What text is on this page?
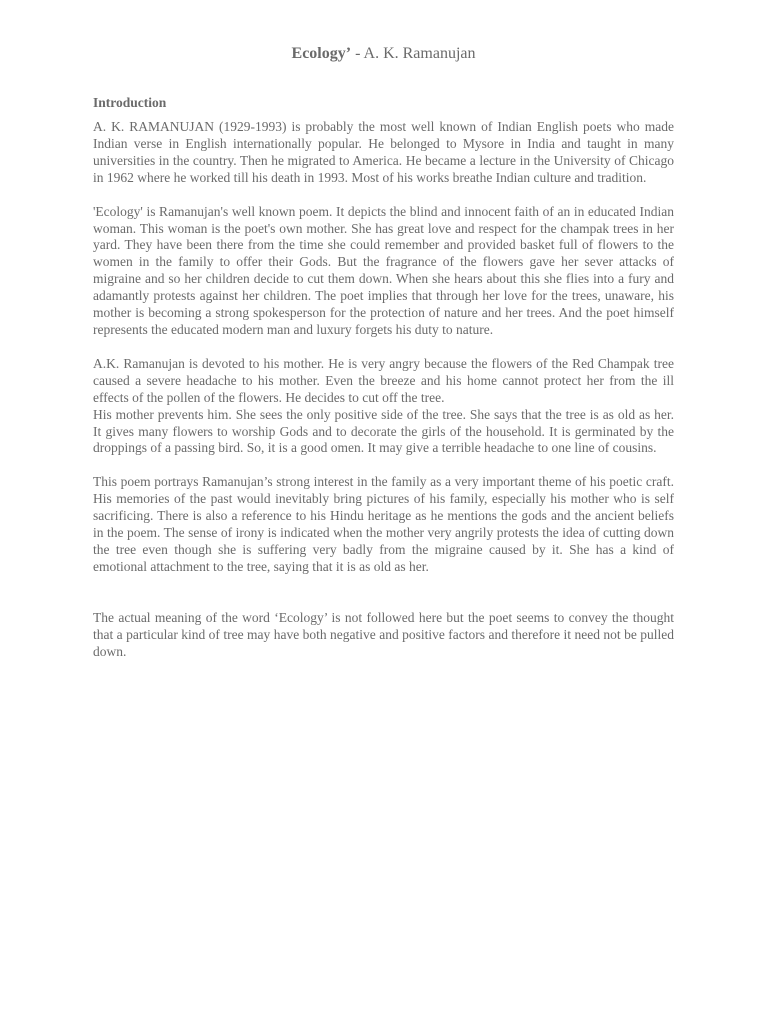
Ecology’ - A. K. Ramanujan
Introduction

A. K. RAMANUJAN (1929-1993) is probably the most well known of Indian English poets who made Indian verse in English internationally popular. He belonged to Mysore in India and taught in many universities in the country. Then he migrated to America. He became a lecture in the University of Chicago in 1962 where he worked till his death in 1993. Most of his works breathe Indian culture and tradition.

'Ecology' is Ramanujan's well known poem. It depicts the blind and innocent faith of an in educated Indian woman. This woman is the poet's own mother. She has great love and respect for the champak trees in her yard. They have been there from the time she could remember and provided basket full of flowers to the women in the family to offer their Gods. But the fragrance of the flowers gave her sever attacks of migraine and so her children decide to cut them down. When she hears about this she flies into a fury and adamantly protests against her children. The poet implies that through her love for the trees, unaware, his mother is becoming a strong spokesperson for the protection of nature and her trees. And the poet himself represents the educated modern man and luxury forgets his duty to nature.

A.K. Ramanujan is devoted to his mother. He is very angry because the flowers of the Red Champak tree caused a severe headache to his mother. Even the breeze and his home cannot protect her from the ill effects of the pollen of the flowers. He decides to cut off the tree.

His mother prevents him. She sees the only positive side of the tree. She says that the tree is as old as her. It gives many flowers to worship Gods and to decorate the girls of the household. It is germinated by the droppings of a passing bird. So, it is a good omen. It may give a terrible headache to one line of cousins.

This poem portrays Ramanujan’s strong interest in the family as a very important theme of his poetic craft. His memories of the past would inevitably bring pictures of his family, especially his mother who is self sacrificing. There is also a reference to his Hindu heritage as he mentions the gods and the ancient beliefs in the poem. The sense of irony is indicated when the mother very angrily protests the idea of cutting down the tree even though she is suffering very badly from the migraine caused by it. She has a kind of emotional attachment to the tree, saying that it is as old as her.

The actual meaning of the word ‘Ecology’ is not followed here but the poet seems to convey the thought that a particular kind of tree may have both negative and positive factors and therefore it need not be pulled down.
